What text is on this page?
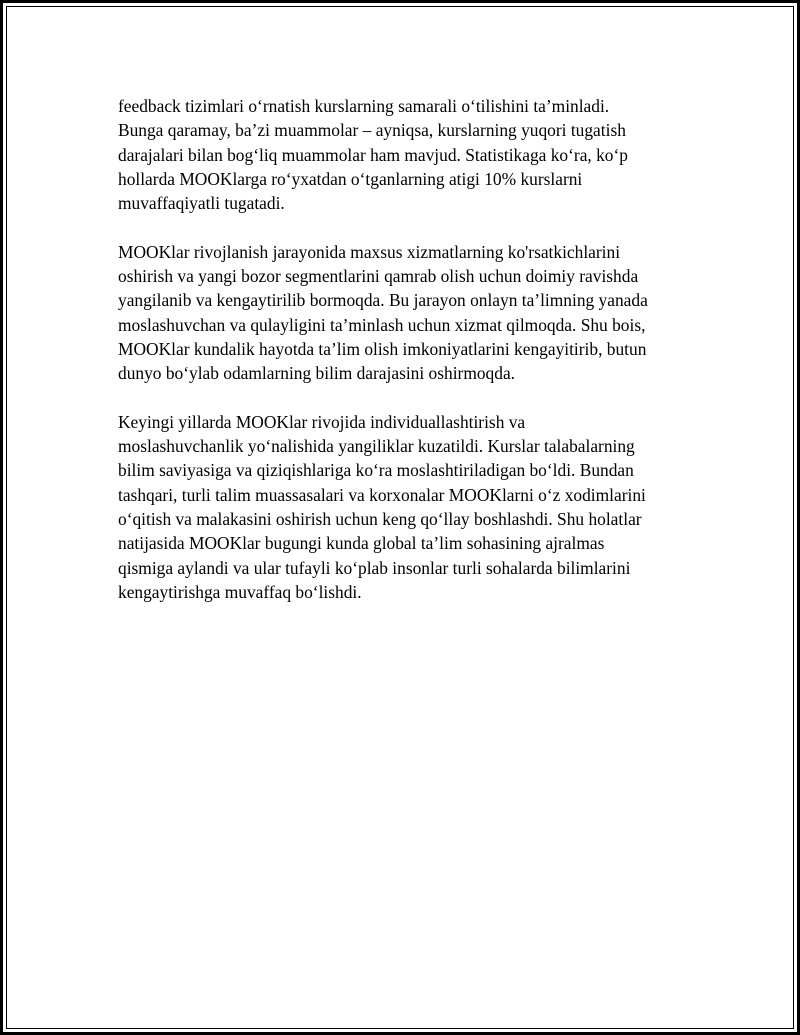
feedback tizimlari o‘rnatish kurslarning samarali o‘tilishini ta’minladi.
Bunga qaramay, ba’zi muammolar – ayniqsa, kurslarning yuqori tugatish
darajalari bilan bog‘liq muammolar ham mavjud. Statistikaga ko‘ra, ko‘p
hollarda MOOKlarga ro‘yxatdan o‘tganlarning atigi 10% kurslarni
muvaffaqiyatli tugatadi.

MOOKlar rivojlanish jarayonida maxsus xizmatlarning ko'rsatkichlarini
oshirish va yangi bozor segmentlarini qamrab olish uchun doimiy ravishda
yangilanib va kengaytirilib bormoqda. Bu jarayon onlayn ta’limning yanada
moslashuvchan va qulayligini ta’minlash uchun xizmat qilmoqda. Shu bois,
MOOKlar kundalik hayotda ta’lim olish imkoniyatlarini kengayitirib, butun
dunyo bo‘ylab odamlarning bilim darajasini oshirmoqda.

Keyingi yillarda MOOKlar rivojida individuallashtirish va
moslashuvchanlik yo‘nalishida yangiliklar kuzatildi. Kurslar talabalarning
bilim saviyasiga va qiziqishlariga ko‘ra moslashtiriladigan bo‘ldi. Bundan
tashqari, turli talim muassasalari va korxonalar MOOKlarni o‘z xodimlarini
o‘qitish va malakasini oshirish uchun keng qo‘llay boshlashdi. Shu holatlar
natijasida MOOKlar bugungi kunda global ta’lim sohasining ajralmas
qismiga aylandi va ular tufayli ko‘plab insonlar turli sohalarda bilimlarini
kengaytirishga muvaffaq bo‘lishdi.
